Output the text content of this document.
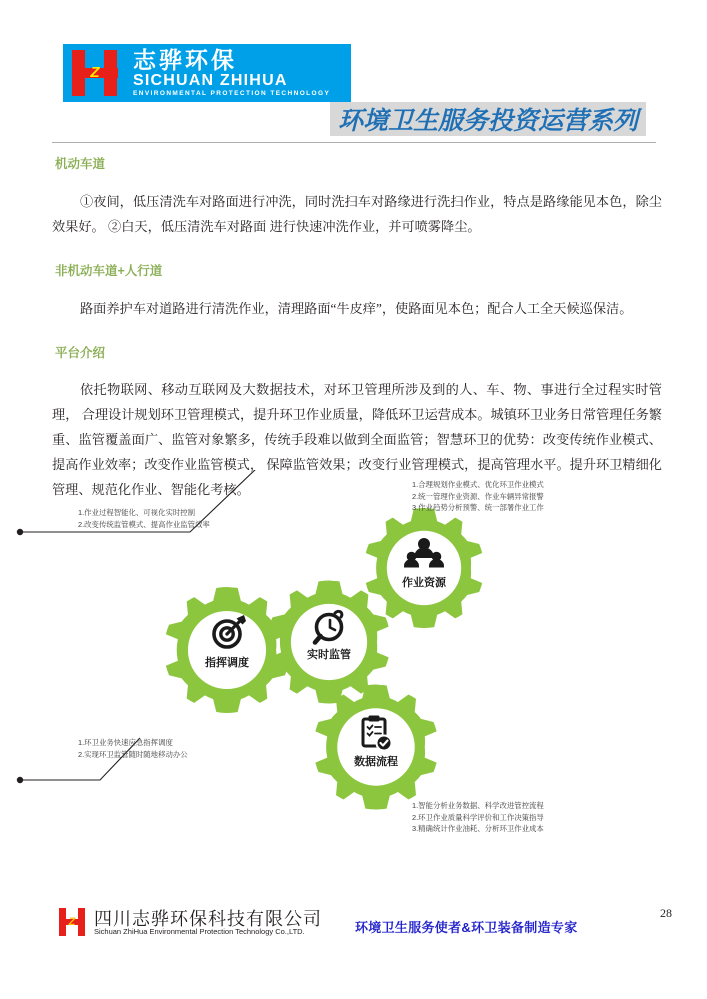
Z	志骅环保
SICHUAN ZHIHUA
ENVIRONMENTAL PROTECTION TECHNOLOGY
环境卫生服务投资运营系列
机动车道

①夜间，低压清洗车对路面进行冲洗，同时洗扫车对路缘进行洗扫作业，特点是路缘能见本色，除尘效果好。 ②白天，低压清洗车对路面 进行快速冲洗作业，并可喷雾降尘。

非机动车道+人行道

路面养护车对道路进行清洗作业，清理路面“牛皮痒”，使路面见本色；配合人工全天候巡保洁。

平台介绍

依托物联网、移动互联网及大数据技术，对环卫管理所涉及到的人、车、物、事进行全过程实时管理， 合理设计规划环卫管理模式，提升环卫作业质量，降低环卫运营成本。城镇环卫业务日常管理任务繁重、监管覆盖面广、监管对象繁多，传统手段难以做到全面监管；智慧环卫的优势：改变传统作业模式、提高作业效率；改变作业监管模式， 保障监管效果；改变行业管理模式，提高管理水平。提升环卫精细化管理、规范化作业、智能化考核。

指挥调度
实时监管
作业资源
数据流程
1.作业过程智能化、可视化实时控制
2.改变传统监管模式、提高作业监管效率
1.合理规划作业模式、优化环卫作业模式
2.统一管理作业资源、作业车辆异常报警
3.作业趋势分析预警、统一部署作业工作
1.环卫业务快速应急指挥调度
2.实现环卫监管随时随地移动办公
1.智能分析业务数据、科学改进管控流程
2.环卫作业质量科学评价和工作决策指导
3.精确统计作业油耗、分析环卫作业成本
Z	四川志骅环保科技有限公司
Sichuan ZhiHua Environmental Protection Technology Co.,LTD.	环境卫生服务使者&环卫装备制造专家
28
